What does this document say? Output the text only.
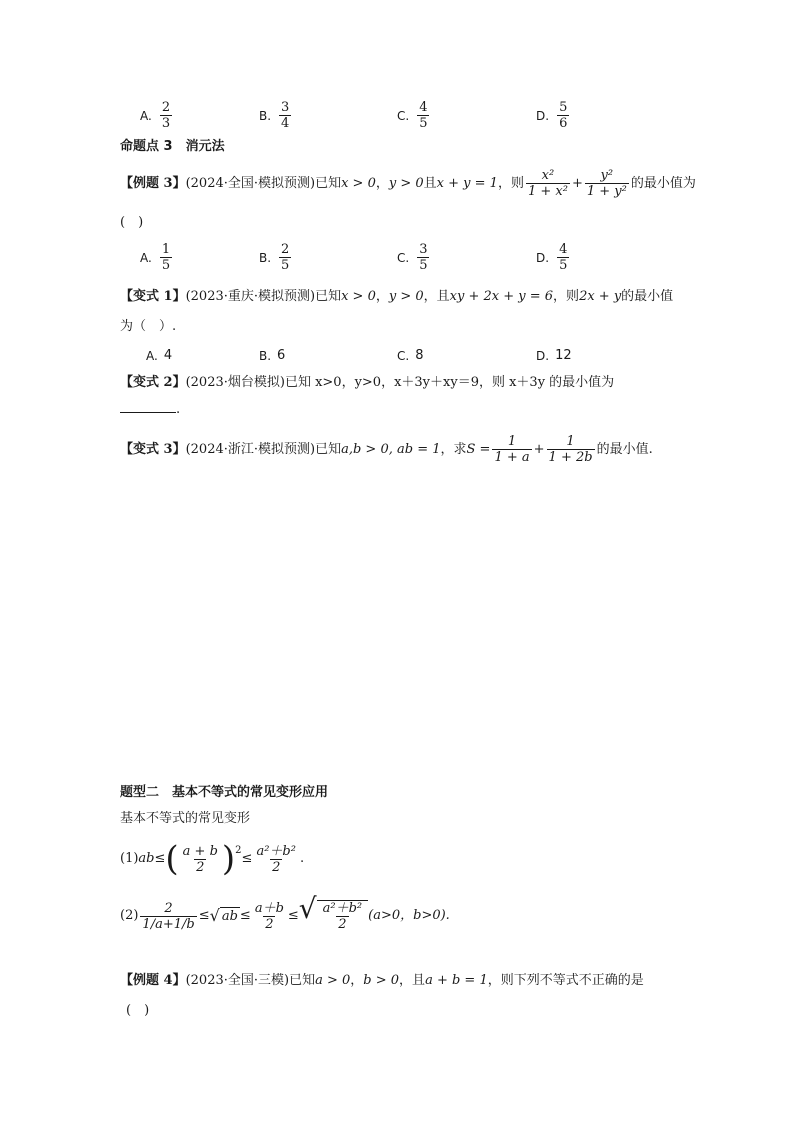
A. $\frac{2}{3}$	B. $\frac{3}{4}$	C. $\frac{4}{5}$	D. $\frac{5}{6}$
命题点 3　消元法
【例题 3】 (2024·全国·模拟预测) 已知 x > 0 ， y > 0 且 x + y = 1 ，则 $\frac{\text{x²}}{\text{1 + x²}} + \frac{\text{y²}}{\text{1 + y²}}$ 的最小值为
(　)
A. $\frac{1}{5}$	B. $\frac{2}{5}$	C. $\frac{3}{5}$	D. $\frac{4}{5}$
【变式 1】 (2023·重庆·模拟预测) 已知 x > 0 ， y > 0 ，且 xy + 2x + y = 6 ，则 2x + y 的最小值
为（　）.
A. 4	B. 6	C. 8	D. 12
【变式 2】(2023·烟台模拟)已知 x>0，y>0，x＋3y＋xy＝9，则 x＋3y 的最小值为
.
【变式 3】 (2024·浙江·模拟预测) 已知 a,b > 0, ab = 1 ，求 $S = \frac{1}{1 + a} + \frac{1}{1 + 2b}$ 的最小值.
题型二　基本不等式的常见变形应用
基本不等式的常见变形
(1) ab ≤ ( $\frac{a + b}{2}$ ) 2
≤ $\frac{\text{a²＋b²}}{2}$ .
$(2) \frac{2}{1/a+1/b}$ ≤ √ ab ≤ $\frac{a+b}{2}$ ≤ √ $\frac{\text{a²＋b²}}{2} (a>0$，b>0).
【例题 4】 (2023·全国·三模) 已知 a > 0 ， b > 0 ，且 a + b = 1 ，则下列不等式不正确的是
(　)
